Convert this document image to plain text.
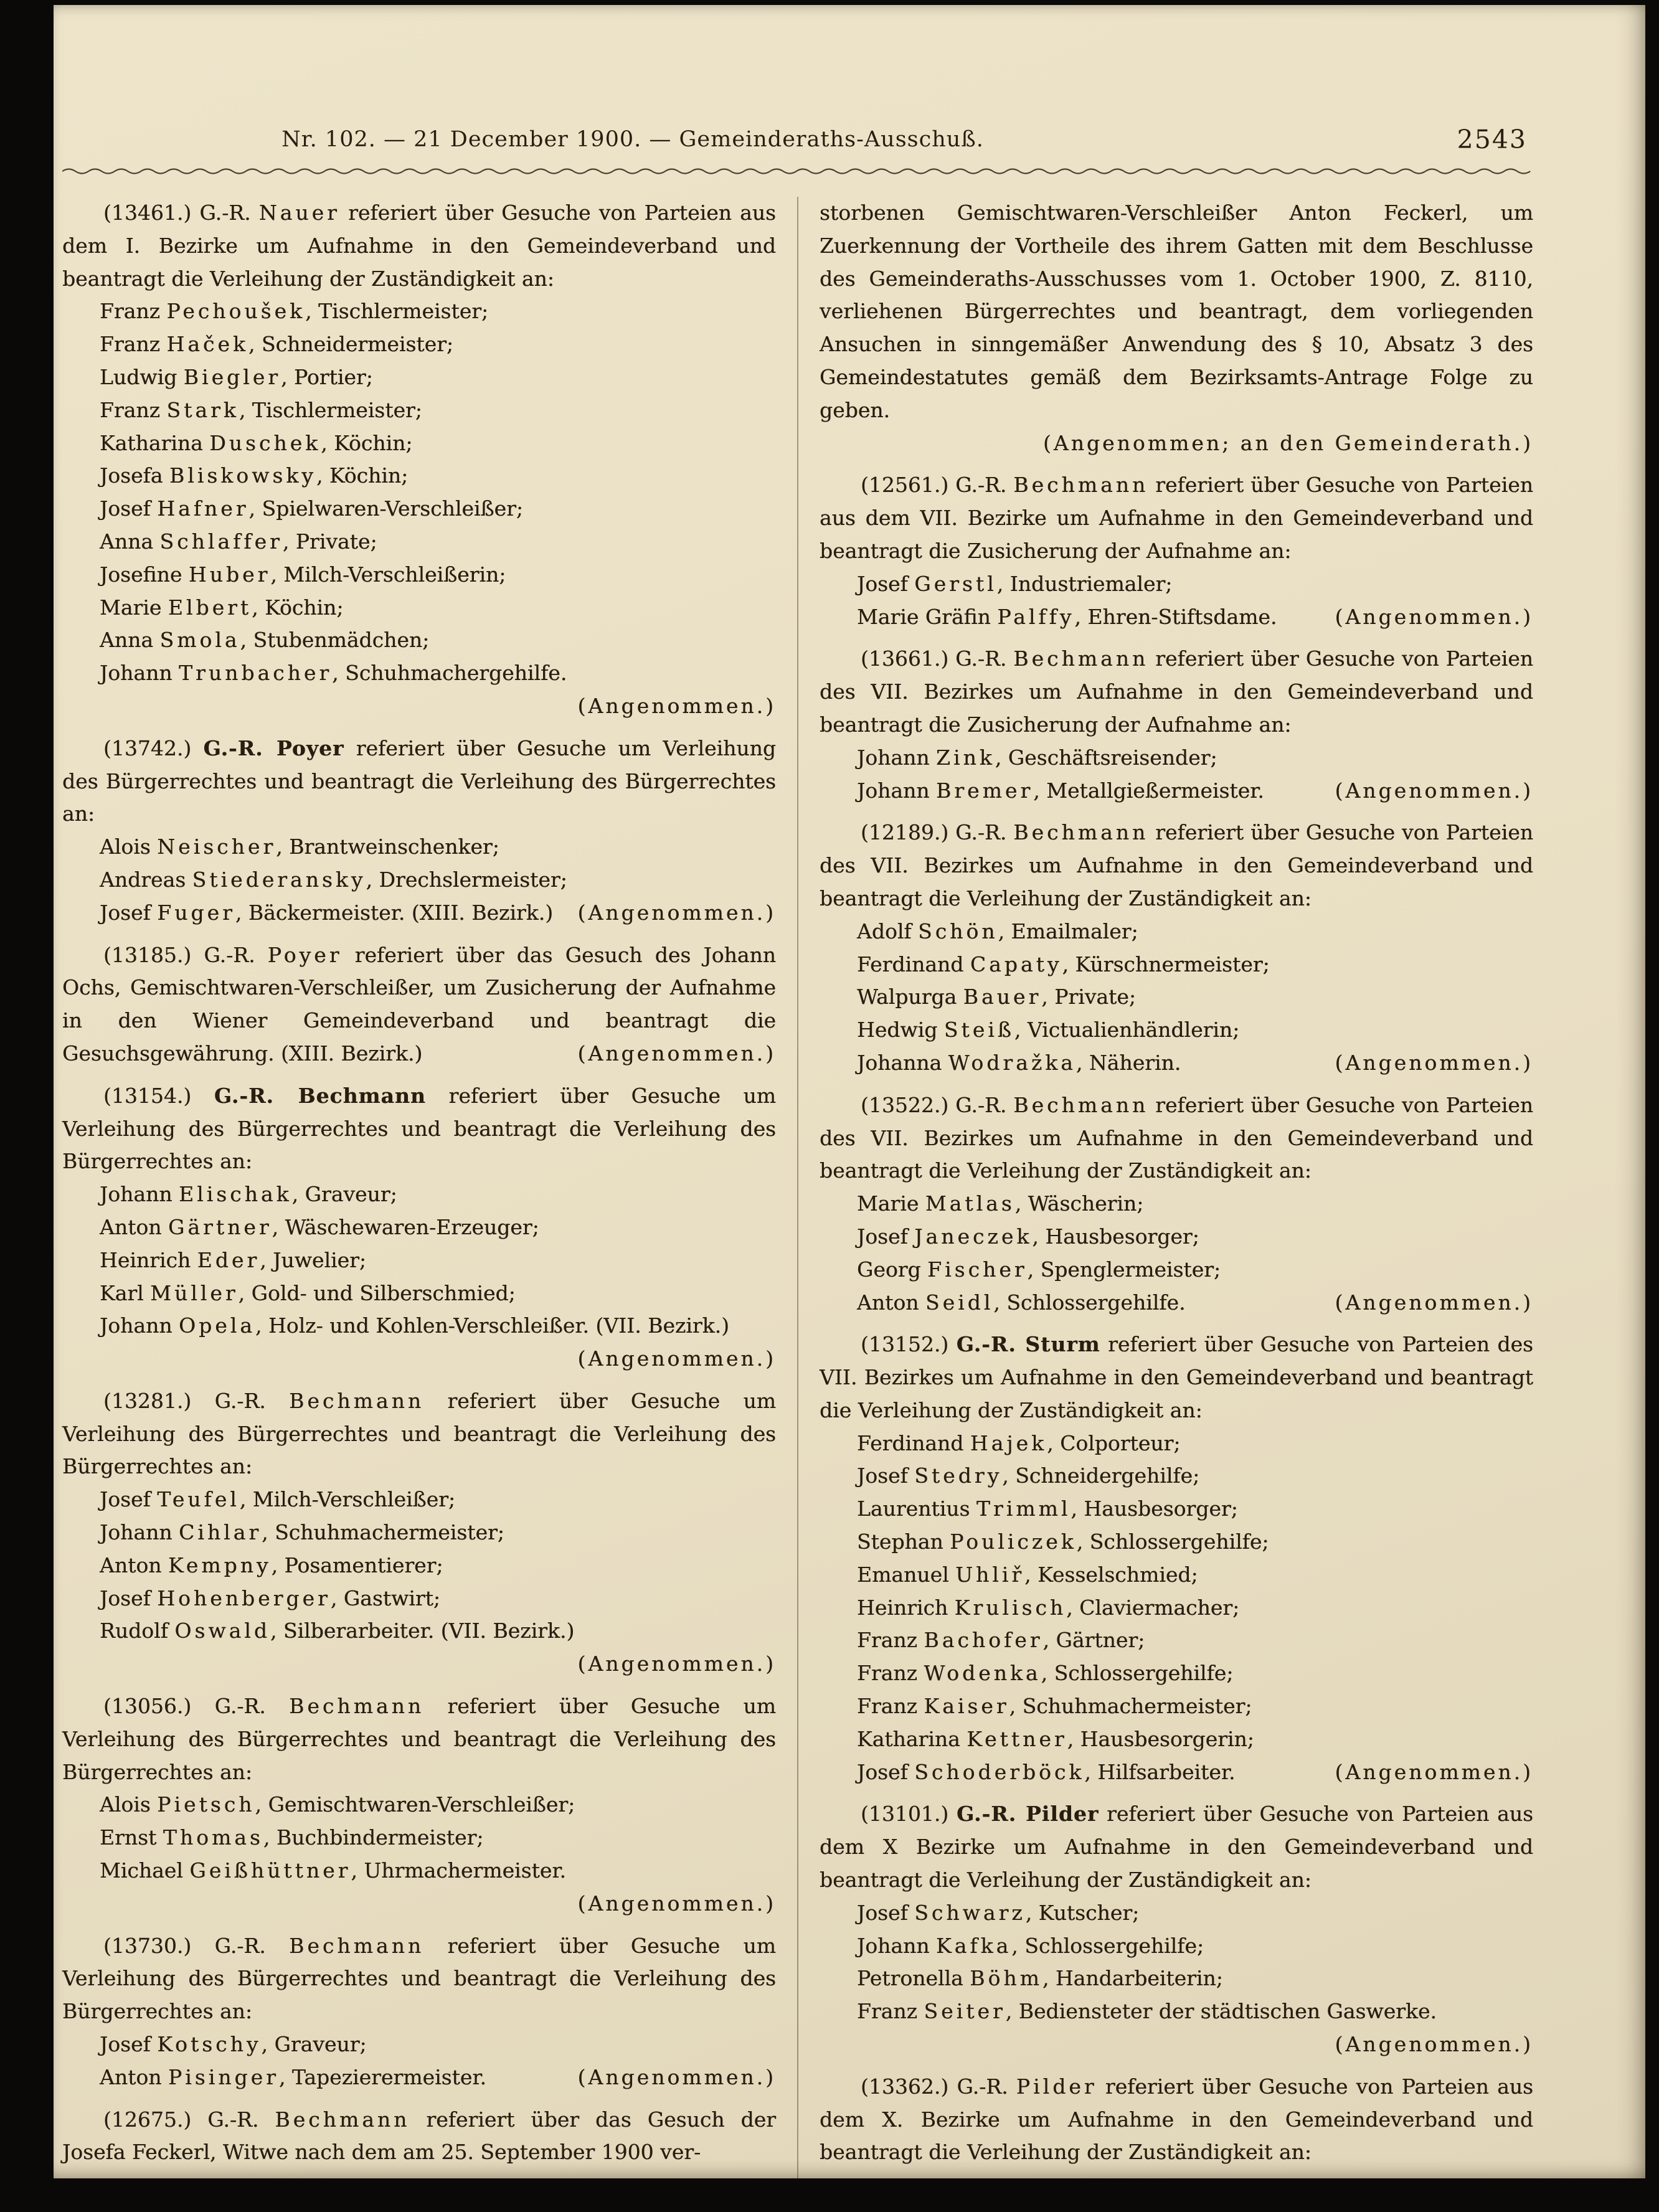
Nr. 102. — 21 December 1900. — Gemeinderaths-Ausschuß.	2543

(13461.) G.-R. Nauer referiert über Gesuche von Parteien aus dem I. Bezirke um Aufnahme in den Gemeindeverband und beantragt die Verleihung der Zuständigkeit an:

Franz Pechoušek, Tischlermeister;

Franz Haček, Schneidermeister;

Ludwig Biegler, Portier;

Franz Stark, Tischlermeister;

Katharina Duschek, Köchin;

Josefa Bliskowsky, Köchin;

Josef Hafner, Spielwaren-Verschleißer;

Anna Schlaffer, Private;

Josefine Huber, Milch-Verschleißerin;

Marie Elbert, Köchin;

Anna Smola, Stubenmädchen;

Johann Trunbacher, Schuhmachergehilfe.

(Angenommen.)

(13742.) G.-R. Poyer referiert über Gesuche um Verleihung des Bürgerrechtes und beantragt die Verleihung des Bürgerrechtes an:

Alois Neischer, Brantweinschenker;

Andreas Stiederansky, Drechslermeister;

Josef Fuger, Bäckermeister. (XIII. Bezirk.) (Angenommen.)

(13185.) G.-R. Poyer referiert über das Gesuch des Johann Ochs, Gemischtwaren-Verschleißer, um Zusicherung der Aufnahme in den Wiener Gemeindeverband und beantragt die Gesuchsgewährung. (XIII. Bezirk.)	(Angenommen.)

(13154.) G.-R. Bechmann referiert über Gesuche um Verleihung des Bürgerrechtes und beantragt die Verleihung des Bürgerrechtes an:

Johann Elischak, Graveur;

Anton Gärtner, Wäschewaren-Erzeuger;

Heinrich Eder, Juwelier;

Karl Müller, Gold- und Silberschmied;

Johann Opela, Holz- und Kohlen-Verschleißer. (VII. Bezirk.)

(Angenommen.)

(13281.) G.-R. Bechmann referiert über Gesuche um Verleihung des Bürgerrechtes und beantragt die Verleihung des Bürgerrechtes an:

Josef Teufel, Milch-Verschleißer;

Johann Cihlar, Schuhmachermeister;

Anton Kempny, Posamentierer;

Josef Hohenberger, Gastwirt;

Rudolf Oswald, Silberarbeiter. (VII. Bezirk.)

(Angenommen.)

(13056.) G.-R. Bechmann referiert über Gesuche um Verleihung des Bürgerrechtes und beantragt die Verleihung des Bürgerrechtes an:

Alois Pietsch, Gemischtwaren-Verschleißer;

Ernst Thomas, Buchbindermeister;

Michael Geißhüttner, Uhrmachermeister.

(Angenommen.)

(13730.) G.-R. Bechmann referiert über Gesuche um Verleihung des Bürgerrechtes und beantragt die Verleihung des Bürgerrechtes an:

Josef Kotschy, Graveur;

Anton Pisinger, Tapezierermeister.	(Angenommen.)

(12675.) G.-R. Bechmann referiert über das Gesuch der Josefa Feckerl, Witwe nach dem am 25. September 1900 ver-

storbenen Gemischtwaren-Verschleißer Anton Feckerl, um Zuerkennung der Vortheile des ihrem Gatten mit dem Beschlusse des Gemeinderaths-Ausschusses vom 1. October 1900, Z. 8110, verliehenen Bürgerrechtes und beantragt, dem vorliegenden Ansuchen in sinngemäßer Anwendung des § 10, Absatz 3 des Gemeindestatutes gemäß dem Bezirksamts-Antrage Folge zu geben.

(Angenommen; an den Gemeinderath.)

(12561.) G.-R. Bechmann referiert über Gesuche von Parteien aus dem VII. Bezirke um Aufnahme in den Gemeindeverband und beantragt die Zusicherung der Aufnahme an:

Josef Gerstl, Industriemaler;

Marie Gräfin Palffy, Ehren-Stiftsdame.	(Angenommen.)

(13661.) G.-R. Bechmann referiert über Gesuche von Parteien des VII. Bezirkes um Aufnahme in den Gemeindeverband und beantragt die Zusicherung der Aufnahme an:

Johann Zink, Geschäftsreisender;

Johann Bremer, Metallgießermeister.	(Angenommen.)

(12189.) G.-R. Bechmann referiert über Gesuche von Parteien des VII. Bezirkes um Aufnahme in den Gemeindeverband und beantragt die Verleihung der Zuständigkeit an:

Adolf Schön, Emailmaler;

Ferdinand Capaty, Kürschnermeister;

Walpurga Bauer, Private;

Hedwig Steiß, Victualienhändlerin;

Johanna Wodražka, Näherin.	(Angenommen.)

(13522.) G.-R. Bechmann referiert über Gesuche von Parteien des VII. Bezirkes um Aufnahme in den Gemeindeverband und beantragt die Verleihung der Zuständigkeit an:

Marie Matlas, Wäscherin;

Josef Janeczek, Hausbesorger;

Georg Fischer, Spenglermeister;

Anton Seidl, Schlossergehilfe.	(Angenommen.)

(13152.) G.-R. Sturm referiert über Gesuche von Parteien des VII. Bezirkes um Aufnahme in den Gemeindeverband und beantragt die Verleihung der Zuständigkeit an:

Ferdinand Hajek, Colporteur;

Josef Stedry, Schneidergehilfe;

Laurentius Trimml, Hausbesorger;

Stephan Pouliczek, Schlossergehilfe;

Emanuel Uhliř, Kesselschmied;

Heinrich Krulisch, Claviermacher;

Franz Bachofer, Gärtner;

Franz Wodenka, Schlossergehilfe;

Franz Kaiser, Schuhmachermeister;

Katharina Kettner, Hausbesorgerin;

Josef Schoderböck, Hilfsarbeiter.	(Angenommen.)

(13101.) G.-R. Pilder referiert über Gesuche von Parteien aus dem X Bezirke um Aufnahme in den Gemeindeverband und beantragt die Verleihung der Zuständigkeit an:

Josef Schwarz, Kutscher;

Johann Kafka, Schlossergehilfe;

Petronella Böhm, Handarbeiterin;

Franz Seiter, Bediensteter der städtischen Gaswerke.

(Angenommen.)

(13362.) G.-R. Pilder referiert über Gesuche von Parteien aus dem X. Bezirke um Aufnahme in den Gemeindeverband und beantragt die Verleihung der Zuständigkeit an:
